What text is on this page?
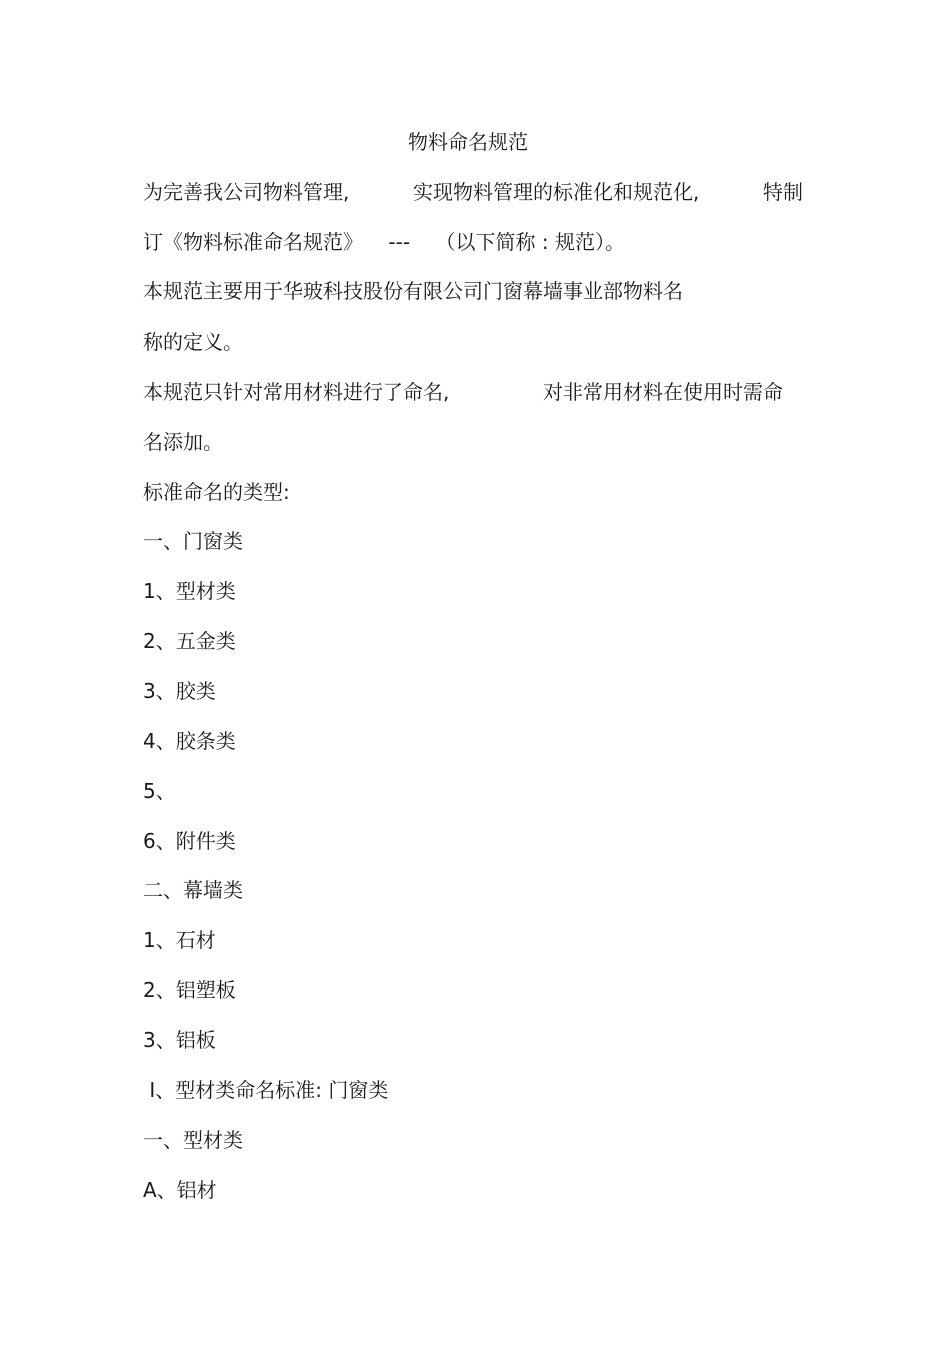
物料命名规范
为完善我公司物料管理,	实现物料管理的标准化和规范化,	特制
订《物料标准命名规范》    ---    （以下简称 : 规范）。
本规范主要用于华玻科技股份有限公司门窗幕墙事业部物料名
称的定义。
本规范只针对常用材料进行了命名,	对非常用材料在使用时需命
名添加。
标准命名的类型:
一、门窗类
1、型材类
2、五金类
3、胶类
4、胶条类
5、
6、附件类
二、幕墙类
1、石材
2、铝塑板
3、铝板
Ⅰ、型材类命名标准: 门窗类
一、型材类
A、铝材
